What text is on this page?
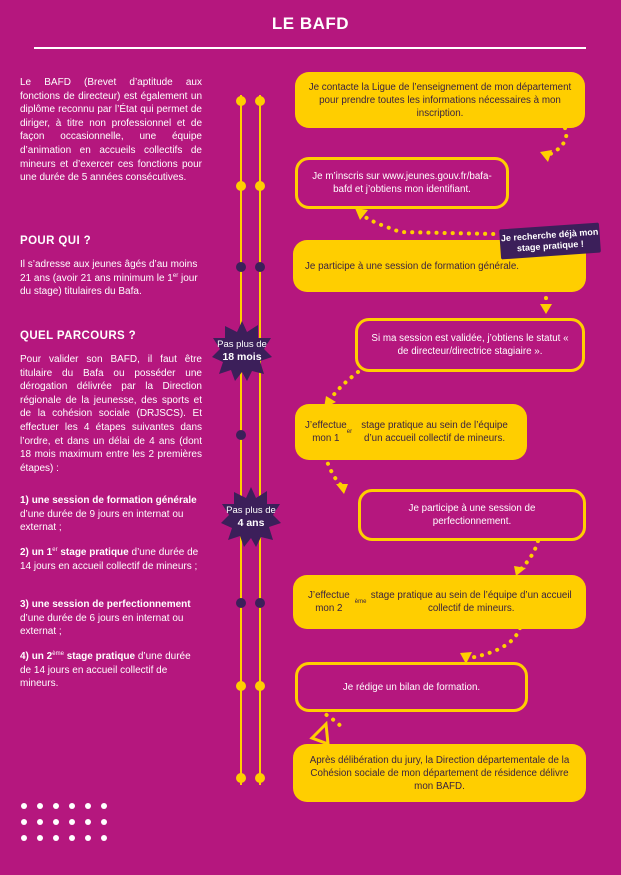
LE BAFD
Le BAFD (Brevet d’aptitude aux fonctions de directeur) est également un diplôme reconnu par l’État qui permet de diriger, à titre non professionnel et de façon occasionnelle, une équipe d’animation en accueils collectifs de mineurs et d’exercer ces fonctions pour une durée de 5 années consécutives.
POUR QUI ?
Il s’adresse aux jeunes âgés d’au moins 21 ans (avoir 21 ans minimum le 1er jour du stage) titulaires du Bafa.
QUEL PARCOURS ?
Pour valider son BAFD, il faut être titulaire du Bafa ou posséder une dérogation délivrée par la Direction régionale de la jeunesse, des sports et de la cohésion sociale (DRJSCS). Et effectuer les 4 étapes suivantes dans l’ordre, et dans un délai de 4 ans (dont 18 mois maximum entre les 2 premières étapes) :
1) une session de formation générale d’une durée de 9 jours en internat ou externat ;
2) un 1er stage pratique d’une durée de 14 jours en accueil collectif de mineurs ;
3) une session de perfectionnement d’une durée de 6 jours en internat ou externat ;
4) un 2ème stage pratique d’une durée de 14 jours en accueil collectif de mineurs.
Pas plus de
18 mois
Pas plus de
4 ans
Je contacte la Ligue de l’enseignement de mon département pour prendre toutes les informations nécessaires à mon inscription.
Je m’inscris sur www.jeunes.gouv.fr/bafa-bafd et j’obtiens mon identifiant.
Je participe à une session de formation générale.
Si ma session est validée, j’obtiens le statut « de directeur/directrice stagiaire ».
J’effectue mon 1
er
stage pratique au sein de l’équipe d’un accueil collectif de mineurs.
Je participe à une session de perfectionnement.
J’effectue mon 2
ème
stage pratique au sein de l’équipe d’un accueil collectif de mineurs.
Je rédige un bilan de formation.
Après délibération du jury, la Direction départementale de la Cohésion sociale de mon département de résidence délivre mon BAFD.
Je recherche déjà mon stage pratique !
